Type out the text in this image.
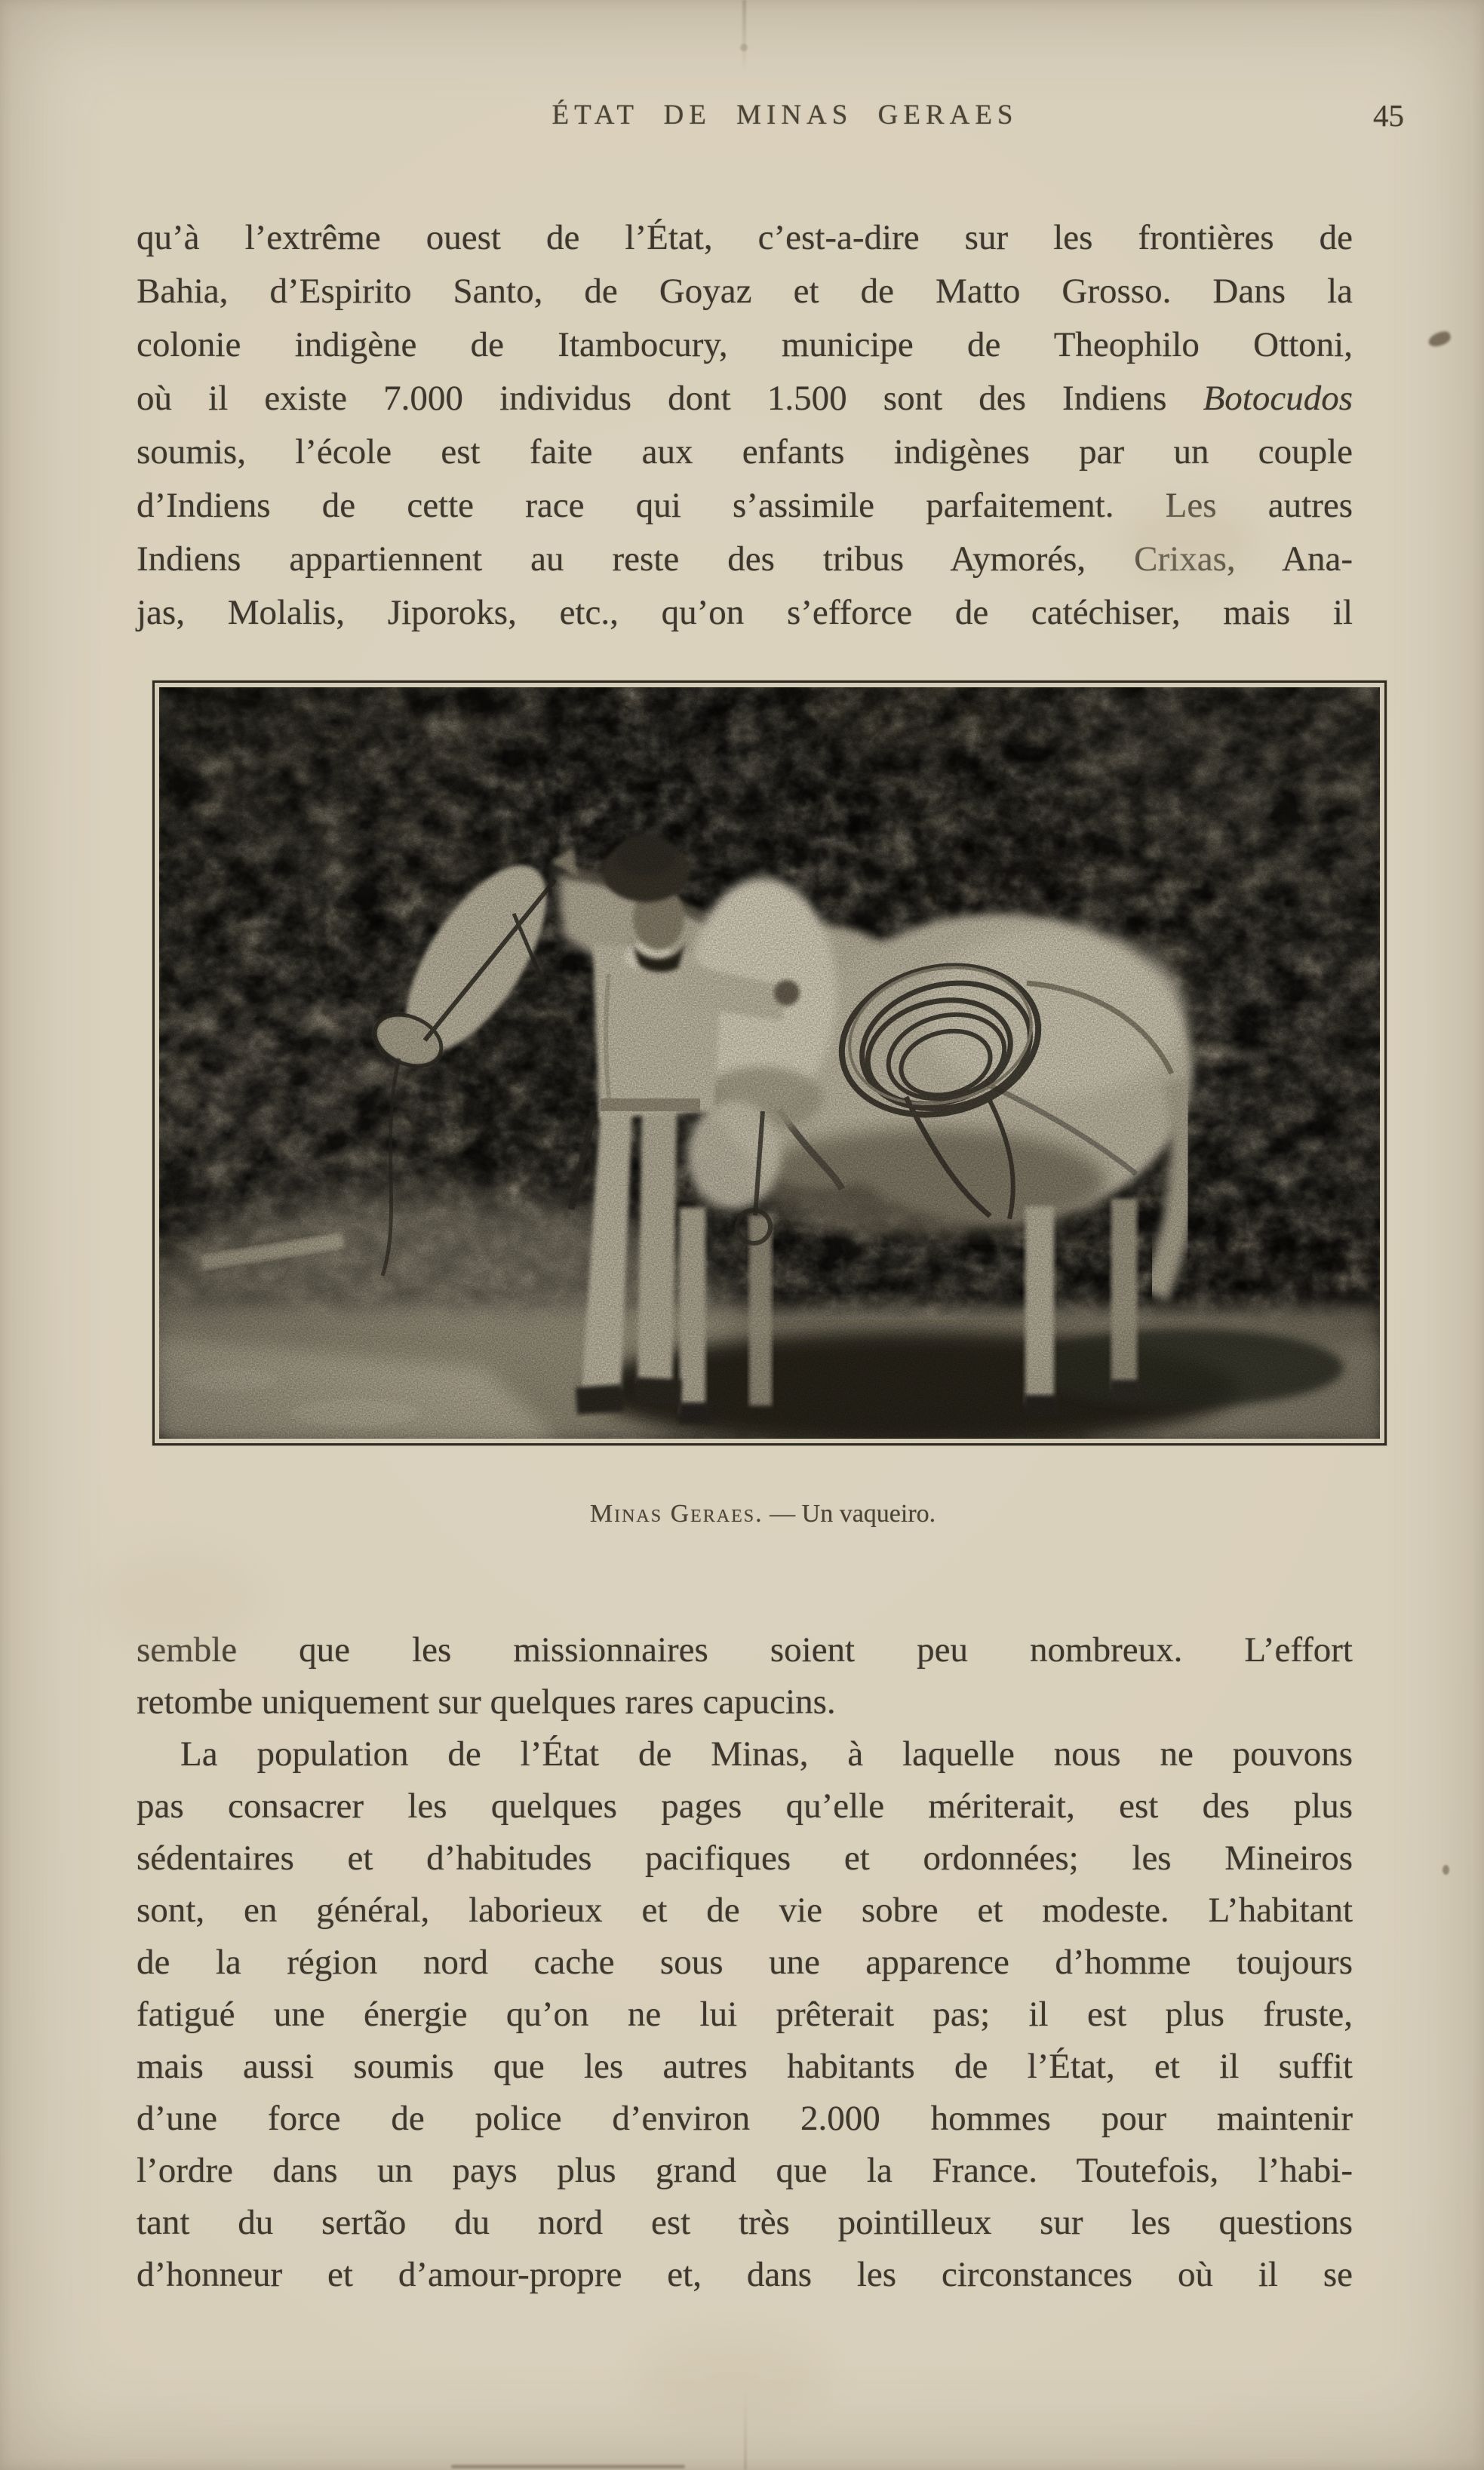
ÉTAT DE MINAS GERAES	45
qu’à l’extrême ouest de l’État, c’est-a-dire sur les frontières de
Bahia, d’Espirito Santo, de Goyaz et de Matto Grosso. Dans la
colonie indigène de Itambocury, municipe de Theophilo Ottoni,
où il existe 7.000 individus dont 1.500 sont des Indiens Botocudos
soumis, l’école est faite aux enfants indigènes par un couple
d’Indiens de cette race qui s’assimile parfaitement. Les autres
Indiens appartiennent au reste des tribus Aymorés, Crixas, Ana-
jas, Molalis, Jiporoks, etc., qu’on s’efforce de catéchiser, mais il
Minas Geraes. — Un vaqueiro.
semble que les missionnaires soient peu nombreux. L’effort
retombe uniquement sur quelques rares capucins.
La population de l’État de Minas, à laquelle nous ne pouvons
pas consacrer les quelques pages qu’elle mériterait, est des plus
sédentaires et d’habitudes pacifiques et ordonnées; les Mineiros
sont, en général, laborieux et de vie sobre et modeste. L’habitant
de la région nord cache sous une apparence d’homme toujours
fatigué une énergie qu’on ne lui prêterait pas; il est plus fruste,
mais aussi soumis que les autres habitants de l’État, et il suffit
d’une force de police d’environ 2.000 hommes pour maintenir
l’ordre dans un pays plus grand que la France. Toutefois, l’habi-
tant du sertão du nord est très pointilleux sur les questions
d’honneur et d’amour-propre et, dans les circonstances où il se
